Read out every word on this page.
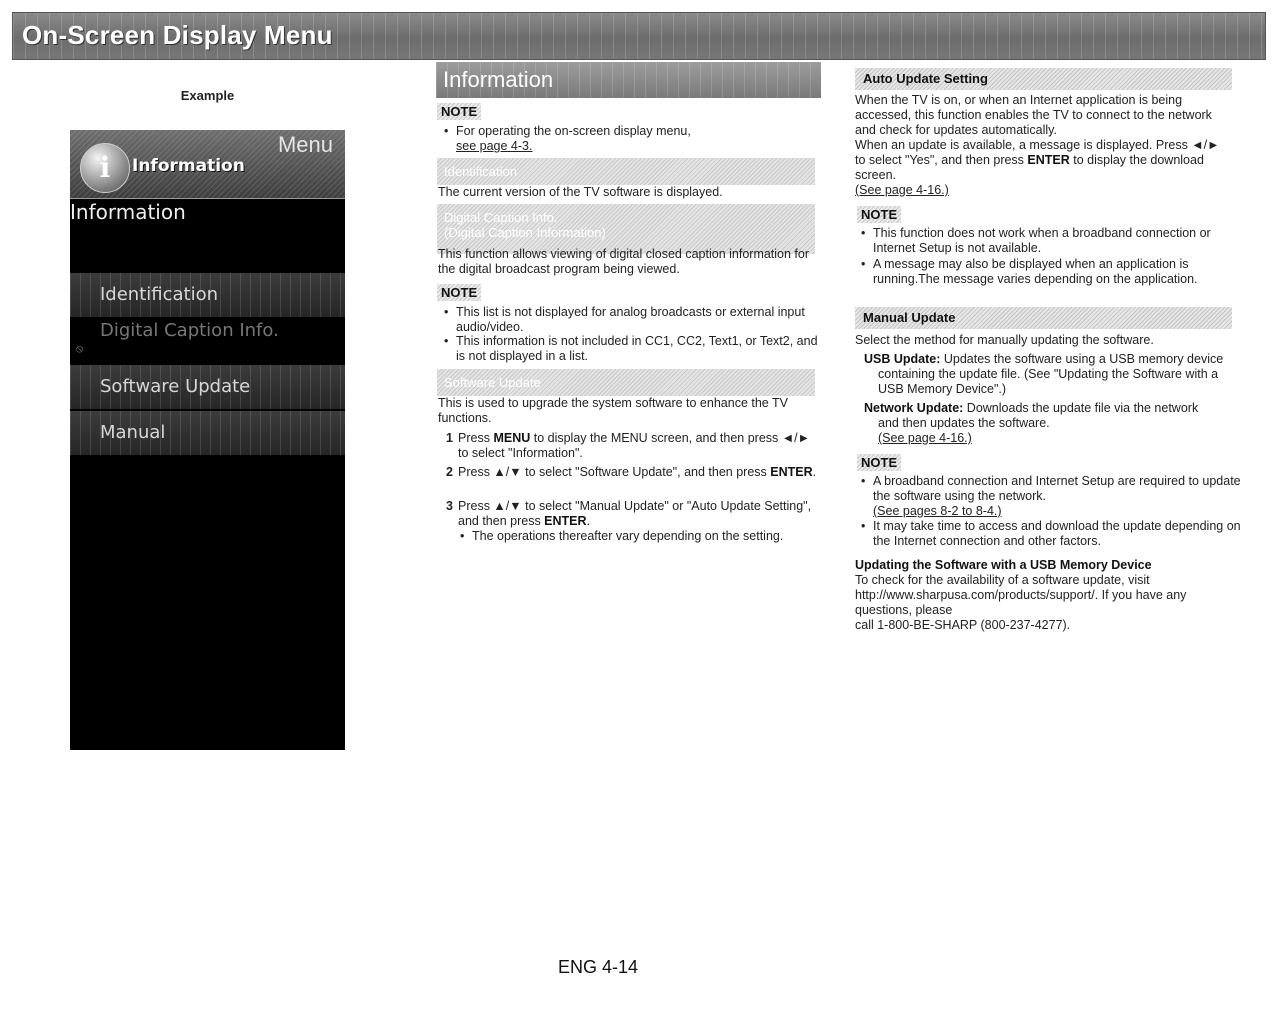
On-Screen Display Menu
Example
Menu
i	Information
Information
Identification
⦸
Digital Caption Info.
Software Update
Manual
Information
NOTE
• For operating the on-screen display menu,
see page 4-3.
Identification
The current version of the TV software is displayed.
Digital Caption Info.
(Digital Caption Information)
This function allows viewing of digital closed caption information for the digital broadcast program being viewed.
NOTE
• This list is not displayed for analog broadcasts or external input audio/video.
• This information is not included in CC1, CC2, Text1, or Text2, and is not displayed in a list.
Software Update
This is used to upgrade the system software to enhance the TV functions.
1 Press MENU to display the MENU screen, and then press ◄/► to select "Information".
2 Press ▲/▼ to select "Software Update", and then press ENTER.
3 Press ▲/▼ to select "Manual Update" or "Auto Update Setting", and then press ENTER.
• The operations thereafter vary depending on the setting.
Auto Update Setting
When the TV is on, or when an Internet application is being accessed, this function enables the TV to connect to the network and check for updates automatically.
When an update is available, a message is displayed. Press ◄/► to select "Yes", and then press ENTER to display the download screen.
(See page 4-16.)
NOTE
• This function does not work when a broadband connection or Internet Setup is not available.
• A message may also be displayed when an application is running.The message varies depending on the application.
Manual Update
Select the method for manually updating the software.
USB Update: Updates the software using a USB memory device containing the update file. (See "Updating the Software with a USB Memory Device".)
Network Update: Downloads the update file via the network and then updates the software.
(See page 4-16.)
NOTE
• A broadband connection and Internet Setup are required to update the software using the network.
(See pages 8-2 to 8-4.)
• It may take time to access and download the update depending on the Internet connection and other factors.
Updating the Software with a USB Memory Device
To check for the availability of a software update, visit http://www.sharpusa.com/products/support/. If you have any questions, please
call 1-800-BE-SHARP (800-237-4277).
ENG 4-14
